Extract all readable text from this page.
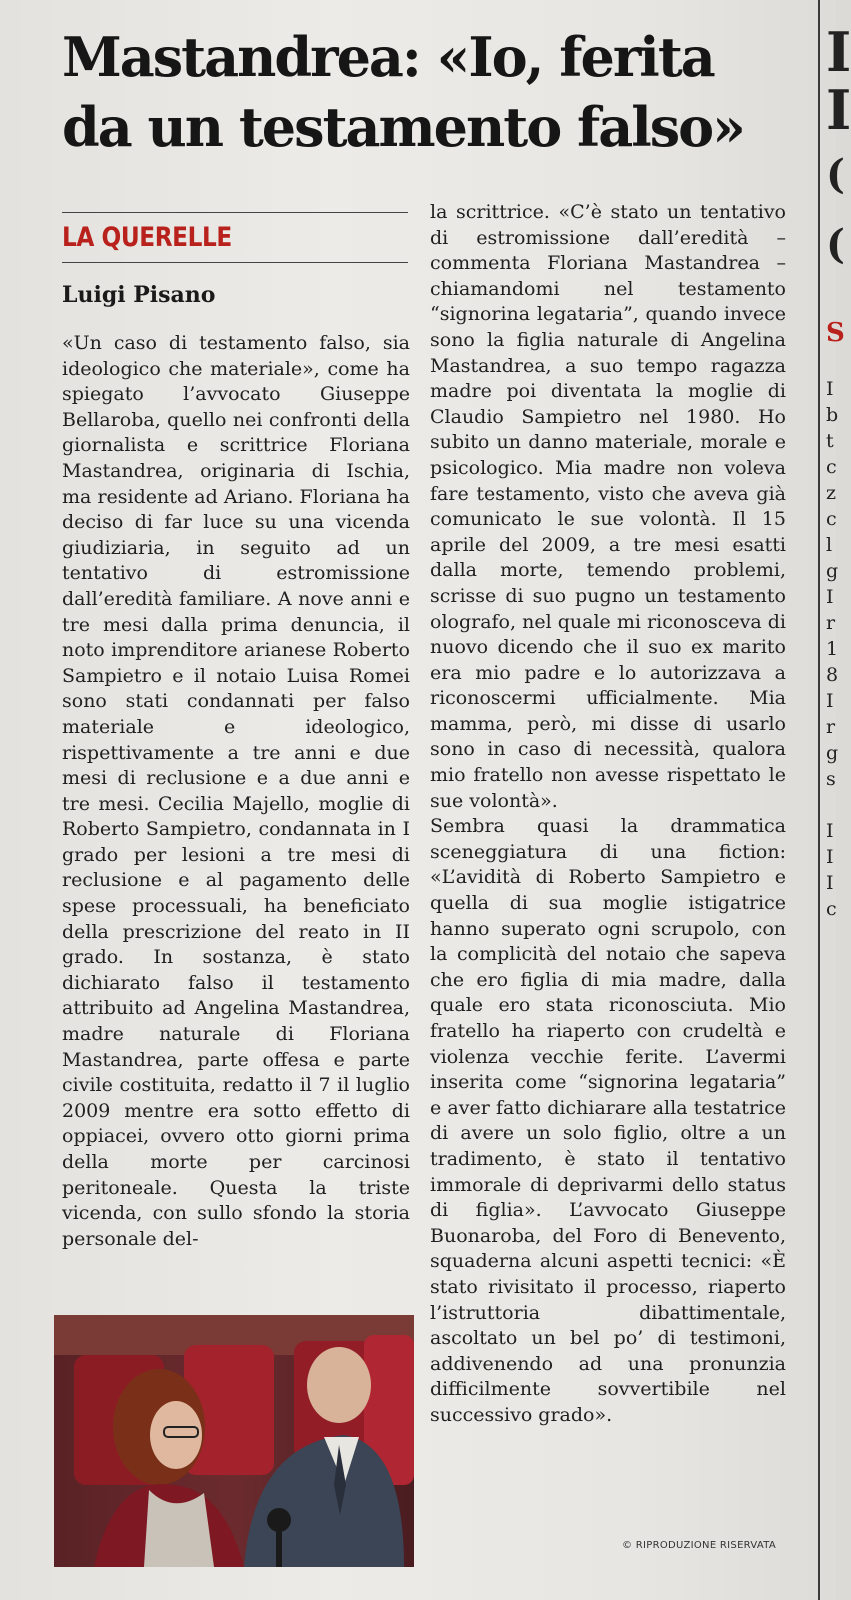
Mastandrea: «Io, ferita
da un testamento falso»
I
I
(
(
S
I
b
t
c
z
c
l
g
I
r
1
8
I
r
g
s
I
I
I
c
LA QUERELLE
Luigi Pisano

«Un caso di testamento falso, sia ideologico che materiale», come ha spiegato l’avvocato Giuseppe Bellaroba, quello nei confronti della giornalista e scrittrice Floriana Mastandrea, originaria di Ischia, ma residente ad Ariano. Floriana ha deciso di far luce su una vicenda giudiziaria, in seguito ad un tentativo di estromissione dall’eredità familiare. A nove anni e tre mesi dalla prima denuncia, il noto imprenditore arianese Roberto Sampietro e il notaio Luisa Romei sono stati condannati per falso materiale e ideologico, rispettivamente a tre anni e due mesi di reclusione e a due anni e tre mesi. Cecilia Majello, moglie di Roberto Sampietro, condannata in I grado per lesioni a tre mesi di reclusione e al pagamento delle spese processuali, ha beneficiato della prescrizione del reato in II grado. In sostanza, è stato dichiarato falso il testamento attribuito ad Angelina Mastandrea, madre naturale di Floriana Mastandrea, parte offesa e parte civile costituita, redatto il 7 il luglio 2009 mentre era sotto effetto di oppiacei, ovvero otto giorni prima della morte per carcinosi peritoneale. Questa la triste vicenda, con sullo sfondo la storia personale del-

la scrittrice. «C’è stato un tentativo di estromissione dall’eredità – commenta Floriana Mastandrea – chiamandomi nel testamento “signorina legataria”, quando invece sono la figlia naturale di Angelina Mastandrea, a suo tempo ragazza madre poi diventata la moglie di Claudio Sampietro nel 1980. Ho subito un danno materiale, morale e psicologico. Mia madre non voleva fare testamento, visto che aveva già comunicato le sue volontà. Il 15 aprile del 2009, a tre mesi esatti dalla morte, temendo problemi, scrisse di suo pugno un testamento olografo, nel quale mi riconosceva di nuovo dicendo che il suo ex marito era mio padre e lo autorizzava a riconoscermi ufficialmente. Mia mamma, però, mi disse di usarlo sono in caso di necessità, qualora mio fratello non avesse rispettato le sue volontà».

Sembra quasi la drammatica sceneggiatura di una fiction: «L’avidità di Roberto Sampietro e quella di sua moglie istigatrice hanno superato ogni scrupolo, con la complicità del notaio che sapeva che ero figlia di mia madre, dalla quale ero stata riconosciuta. Mio fratello ha riaperto con crudeltà e violenza vecchie ferite. L’avermi inserita come “signorina legataria” e aver fatto dichiarare alla testatrice di avere un solo figlio, oltre a un tradimento, è stato il tentativo immorale di deprivarmi dello status di figlia». L’avvocato Giuseppe Buonaroba, del Foro di Benevento, squaderna alcuni aspetti tecnici: «È stato rivisitato il processo, riaperto l’istruttoria dibattimentale, ascoltato un bel po’ di testimoni, addivenendo ad una pronunzia difficilmente sovvertibile nel successivo grado».

© RIPRODUZIONE RISERVATA
